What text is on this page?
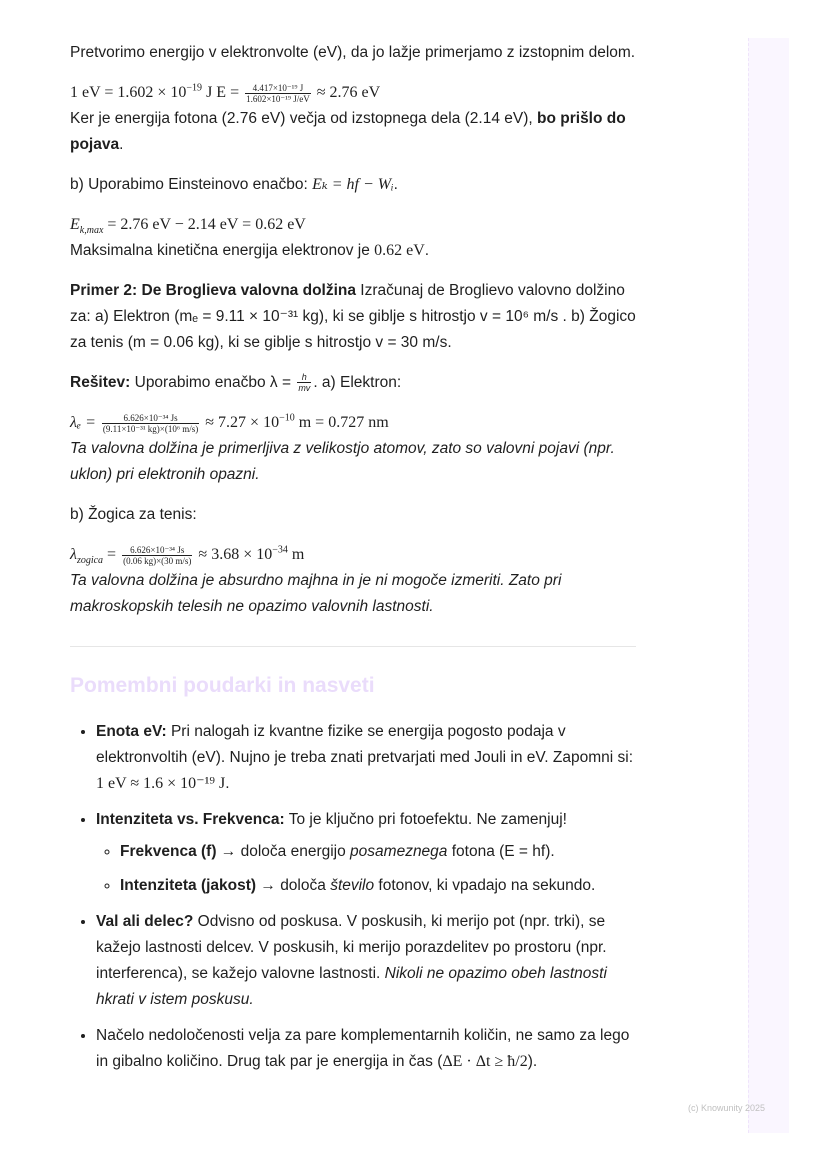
Pretvorimo energijo v elektronvolte (eV), da jo lažje primerjamo z izstopnim delom.

1 eV = $1.602 \times 10^{-19}$ J $E = \frac{\text{4.417×10⁻¹⁹ J}}{\text{1.602×10⁻¹⁹ J/eV}} \approx 2.76$ eV

Ker je energija fotona (2.76 eV) večja od izstopnega dela (2.14 eV), bo prišlo do pojava.

b) Uporabimo Einsteinovo enačbo: Eₖ = hf − Wᵢ.

$E_{k,max} = 2.76$ eV − 2.14 eV = 0.62 eV

Maksimalna kinetična energija elektronov je 0.62 eV.

Primer 2: De Broglieva valovna dolžina Izračunaj de Broglievo valovno dolžino za: a) Elektron (mₑ = 9.11 × 10⁻³¹ kg), ki se giblje s hitrostjo v = 10⁶ m/s . b) Žogico za tenis (m = 0.06 kg), ki se giblje s hitrostjo v = 30 m/s.

Rešitev: Uporabimo enačbo $\lambda = \frac{h}{mv}$ . a) Elektron:

$\lambda_e = \frac{\text{6.626×10⁻³⁴ Js}}{\text{(9.11×10⁻³¹ kg)×(10⁶ m/s)}} \approx 7.27 \times 10^{-10}$ m = 0.727 nm

Ta valovna dolžina je primerljiva z velikostjo atomov, zato so valovni pojavi (npr. uklon) pri elektronih opazni.

b) Žogica za tenis:

$\lambda_{zogica} = \frac{\text{6.626×10⁻³⁴ Js}}{(0.06 kg)\times(30 m/s)} \approx 3.68 \times 10^{-34}$ m

Ta valovna dolžina je absurdno majhna in je ni mogoče izmeriti. Zato pri makroskopskih telesih ne opazimo valovnih lastnosti.

Pomembni poudarki in nasveti
• Enota eV: Pri nalogah iz kvantne fizike se energija pogosto podaja v elektronvoltih (eV). Nujno je treba znati pretvarjati med Jouli in eV. Zapomni si: 1 eV ≈ 1.6 × 10⁻¹⁹ J.
• Intenziteta vs. Frekvenca: To je ključno pri fotoefektu. Ne zamenjuj!
◦ Frekvenca (f) → določa energijo posameznega fotona (E = hf).
◦ Intenziteta (jakost) → določa število fotonov, ki vpadajo na sekundo.
• Val ali delec? Odvisno od poskusa. V poskusih, ki merijo pot (npr. trki), se kažejo lastnosti delcev. V poskusih, ki merijo porazdelitev po prostoru (npr. interferenca), se kažejo valovne lastnosti. Nikoli ne opazimo obeh lastnosti hkrati v istem poskusu.
• Načelo nedoločenosti velja za pare komplementarnih količin, ne samo za lego in gibalno količino. Drug tak par je energija in čas (ΔE · Δt ≥ ħ/2).
(c) Knowunity 2025
